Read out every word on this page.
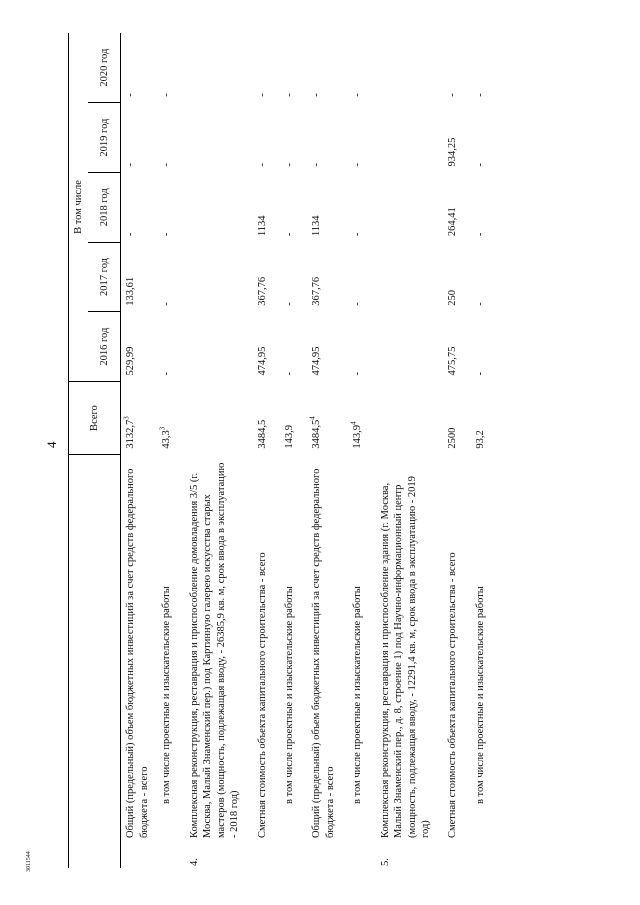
4
3011544
		Всего	В том числе				
			2016 год	2017 год	2018 год	2019 год	2020 год
	Общий (предельный) объем бюджетных инвестиций за счет средств федерального бюджета - всего	3132,7$^3$	529,99	133,61	-	-	-
	в том числе проектные и изыскательские работы	43,3$^3$	-	-	-	-	-
4.	Комплексная реконструкция, реставрация и приспособление домовладения 3/5 (г. Москва, Малый Знаменский пер.) под Картинную галерею искусства старых мастеров (мощность, подлежащая вводу, - 26385,9 кв. м, срок ввода в эксплуатацию - 2018 год)						
	Сметная стоимость объекта капитального строительства - всего	3484,5	474,95	367,76	1134	-	-
	в том числе проектные и изыскательские работы	143,9	-	-	-	-	-
	Общий (предельный) объем бюджетных инвестиций за счет средств федерального бюджета - всего	3484,5$^4$	474,95	367,76	1134	-	-
	в том числе проектные и изыскательские работы	143,9$^4$	-	-	-	-	-
5.	Комплексная реконструкция, реставрация и приспособление здания (г. Москва, Малый Знаменский пер., д. 8, строение 1) под Научно-информационный центр (мощность, подлежащая вводу, - 12291,4 кв. м, срок ввода в эксплуатацию - 2019 год)						
	Сметная стоимость объекта капитального строительства - всего	2500	475,75	250	264,41	934,25	-
	в том числе проектные и изыскательские работы	93,2	-	-	-	-	-
